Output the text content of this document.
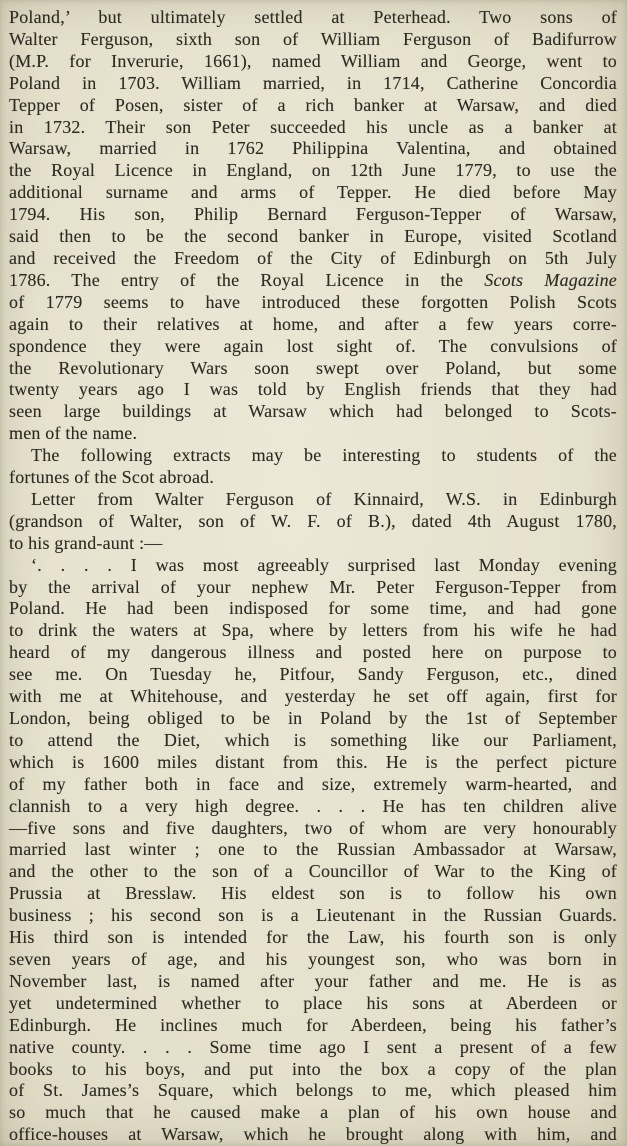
Poland,’ but ultimately settled at Peterhead. Two sons of
Walter Ferguson, sixth son of William Ferguson of Badifurrow
(M.P. for Inverurie, 1661), named William and George, went to
Poland in 1703. William married, in 1714, Catherine Concordia
Tepper of Posen, sister of a rich banker at Warsaw, and died
in 1732. Their son Peter succeeded his uncle as a banker at
Warsaw, married in 1762 Philippina Valentina, and obtained
the Royal Licence in England, on 12th June 1779, to use the
additional surname and arms of Tepper. He died before May
1794. His son, Philip Bernard Ferguson-Tepper of Warsaw,
said then to be the second banker in Europe, visited Scotland
and received the Freedom of the City of Edinburgh on 5th July
1786. The entry of the Royal Licence in the Scots Magazine
of 1779 seems to have introduced these forgotten Polish Scots
again to their relatives at home, and after a few years corre-
spondence they were again lost sight of. The convulsions of
the Revolutionary Wars soon swept over Poland, but some
twenty years ago I was told by English friends that they had
seen large buildings at Warsaw which had belonged to Scots-
men of the name.
The following extracts may be interesting to students of the
fortunes of the Scot abroad.
Letter from Walter Ferguson of Kinnaird, W.S. in Edinburgh
(grandson of Walter, son of W. F. of B.), dated 4th August 1780,
to his grand-aunt :—
‘. . . . I was most agreeably surprised last Monday evening
by the arrival of your nephew Mr. Peter Ferguson-Tepper from
Poland. He had been indisposed for some time, and had gone
to drink the waters at Spa, where by letters from his wife he had
heard of my dangerous illness and posted here on purpose to
see me. On Tuesday he, Pitfour, Sandy Ferguson, etc., dined
with me at Whitehouse, and yesterday he set off again, first for
London, being obliged to be in Poland by the 1st of September
to attend the Diet, which is something like our Parliament,
which is 1600 miles distant from this. He is the perfect picture
of my father both in face and size, extremely warm-hearted, and
clannish to a very high degree. . . . He has ten children alive
—five sons and five daughters, two of whom are very honourably
married last winter ; one to the Russian Ambassador at Warsaw,
and the other to the son of a Councillor of War to the King of
Prussia at Bresslaw. His eldest son is to follow his own
business ; his second son is a Lieutenant in the Russian Guards.
His third son is intended for the Law, his fourth son is only
seven years of age, and his youngest son, who was born in
November last, is named after your father and me. He is as
yet undetermined whether to place his sons at Aberdeen or
Edinburgh. He inclines much for Aberdeen, being his father’s
native county. . . . Some time ago I sent a present of a few
books to his boys, and put into the box a copy of the plan
of St. James’s Square, which belongs to me, which pleased him
so much that he caused make a plan of his own house and
office-houses at Warsaw, which he brought along with him, and
